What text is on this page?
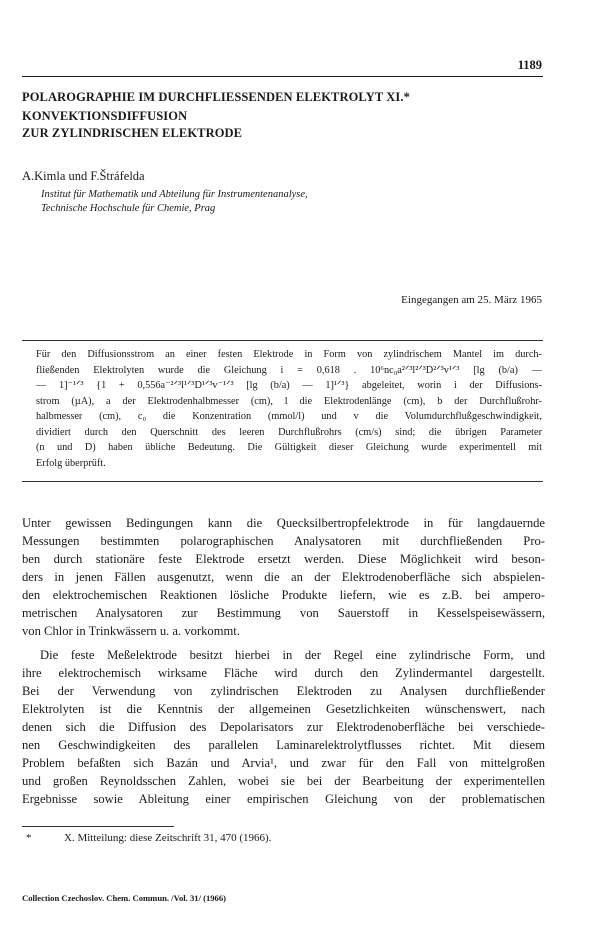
1189
POLAROGRAPHIE IM DURCHFLIESSENDEN ELEKTROLYT XI.*
KONVEKTIONSDIFFUSION
ZUR ZYLINDRISCHEN ELEKTRODE
A.Kimla und F.Štráfelda
Institut für Mathematik und Abteilung für Instrumentenanalyse,
Technische Hochschule für Chemie, Prag
Eingegangen am 25. März 1965
Für den Diffusionsstrom an einer festen Elektrode in Form von zylindrischem Mantel im durch-
fließenden Elektrolyten wurde die Gleichung i = 0,618 . 10⁶nc₀a²ᐟ³l²ᐟ³D²ᐟ³v¹ᐟ³ [lg (b/a) —
— 1]⁻¹ᐟ³ {1 + 0,556a⁻²ᐟ³l¹ᐟ³D¹ᐟ³v⁻¹ᐟ³ [lg (b/a) — 1]¹ᐟ³} abgeleitet, worin i der Diffusions-
strom (µA), a der Elektrodenhalbmesser (cm), l die Elektrodenlänge (cm), b der Durchflußrohr-
halbmesser (cm), c₀ die Konzentration (mmol/l) und v die Volumdurchflußgeschwindigkeit,
dividiert durch den Querschnitt des leeren Durchflußrohrs (cm/s) sind; die übrigen Parameter
(n und D) haben übliche Bedeutung. Die Gültigkeit dieser Gleichung wurde experimentell mit
Erfolg überprüft.
Unter gewissen Bedingungen kann die Quecksilbertropfelektrode in für langdauernde
Messungen bestimmten polarographischen Analysatoren mit durchfließenden Pro-
ben durch stationäre feste Elektrode ersetzt werden. Diese Möglichkeit wird beson-
ders in jenen Fällen ausgenutzt, wenn die an der Elektrodenoberfläche sich abspielen-
den elektrochemischen Reaktionen lösliche Produkte liefern, wie es z.B. bei ampero-
metrischen Analysatoren zur Bestimmung von Sauerstoff in Kesselspeisewässern,
von Chlor in Trinkwässern u. a. vorkommt.
Die feste Meßelektrode besitzt hierbei in der Regel eine zylindrische Form, und
ihre elektrochemisch wirksame Fläche wird durch den Zylindermantel dargestellt.
Bei der Verwendung von zylindrischen Elektroden zu Analysen durchfließender
Elektrolyten ist die Kenntnis der allgemeinen Gesetzlichkeiten wünschenswert, nach
denen sich die Diffusion des Depolarisators zur Elektrodenoberfläche bei verschiede-
nen Geschwindigkeiten des parallelen Laminarelektrolytflusses richtet. Mit diesem
Problem befaßten sich Bazán und Arvia¹, und zwar für den Fall von mittelgroßen
und großen Reynoldsschen Zahlen, wobei sie bei der Bearbeitung der experimentellen
Ergebnisse sowie Ableitung einer empirischen Gleichung von der problematischen
*	X. Mitteilung: diese Zeitschrift 31, 470 (1966).
Collection Czechoslov. Chem. Commun. /Vol. 31/ (1966)
